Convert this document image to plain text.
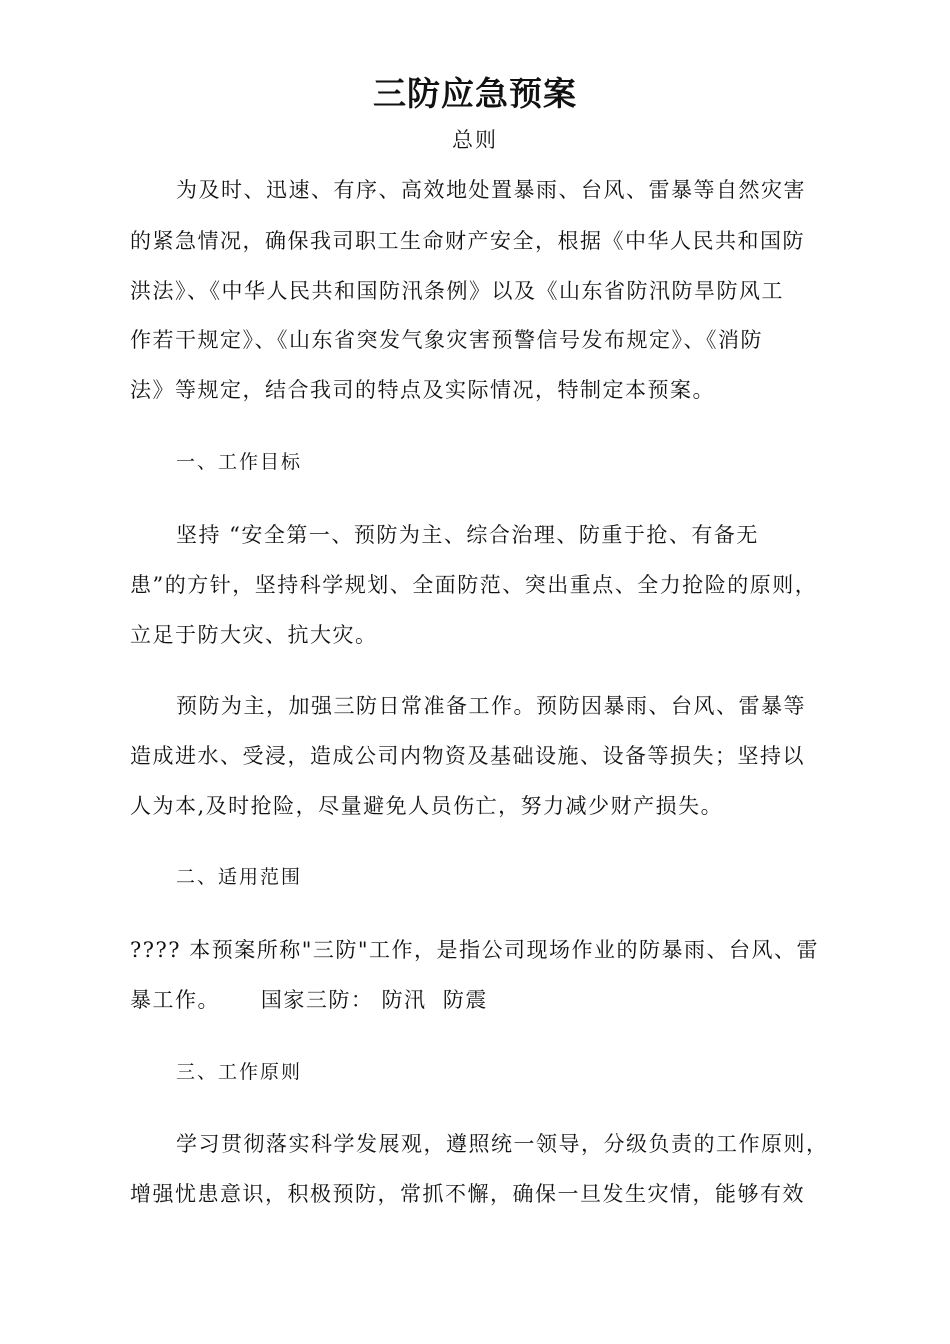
三防应急预案
总则
为及时、迅速、有序、高效地处置暴雨、台风、雷暴等自然灾害
的紧急情况，确保我司职工生命财产安全，根据《中华人民共和国防
洪法》、《中华人民共和国防汛条例》以及《山东省防汛防旱防风工
作若干规定》、《山东省突发气象灾害预警信号发布规定》、《消防
法》等规定，结合我司的特点及实际情况，特制定本预案。
一、工作目标
坚持 “安全第一、预防为主、综合治理、防重于抢、有备无
患”的方针，坚持科学规划、全面防范、突出重点、全力抢险的原则，
立足于防大灾、抗大灾。
预防为主，加强三防日常准备工作。预防因暴雨、台风、雷暴等
造成进水、受浸，造成公司内物资及基础设施、设备等损失；坚持以
人为本,及时抢险，尽量避免人员伤亡，努力减少财产损失。
二、适用范围
???? 本预案所称"三防"工作，是指公司现场作业的防暴雨、台风、雷
暴工作。     国家三防： 防汛  防震
三、工作原则
学习贯彻落实科学发展观，遵照统一领导，分级负责的工作原则，
增强忧患意识，积极预防，常抓不懈，确保一旦发生灾情，能够有效
